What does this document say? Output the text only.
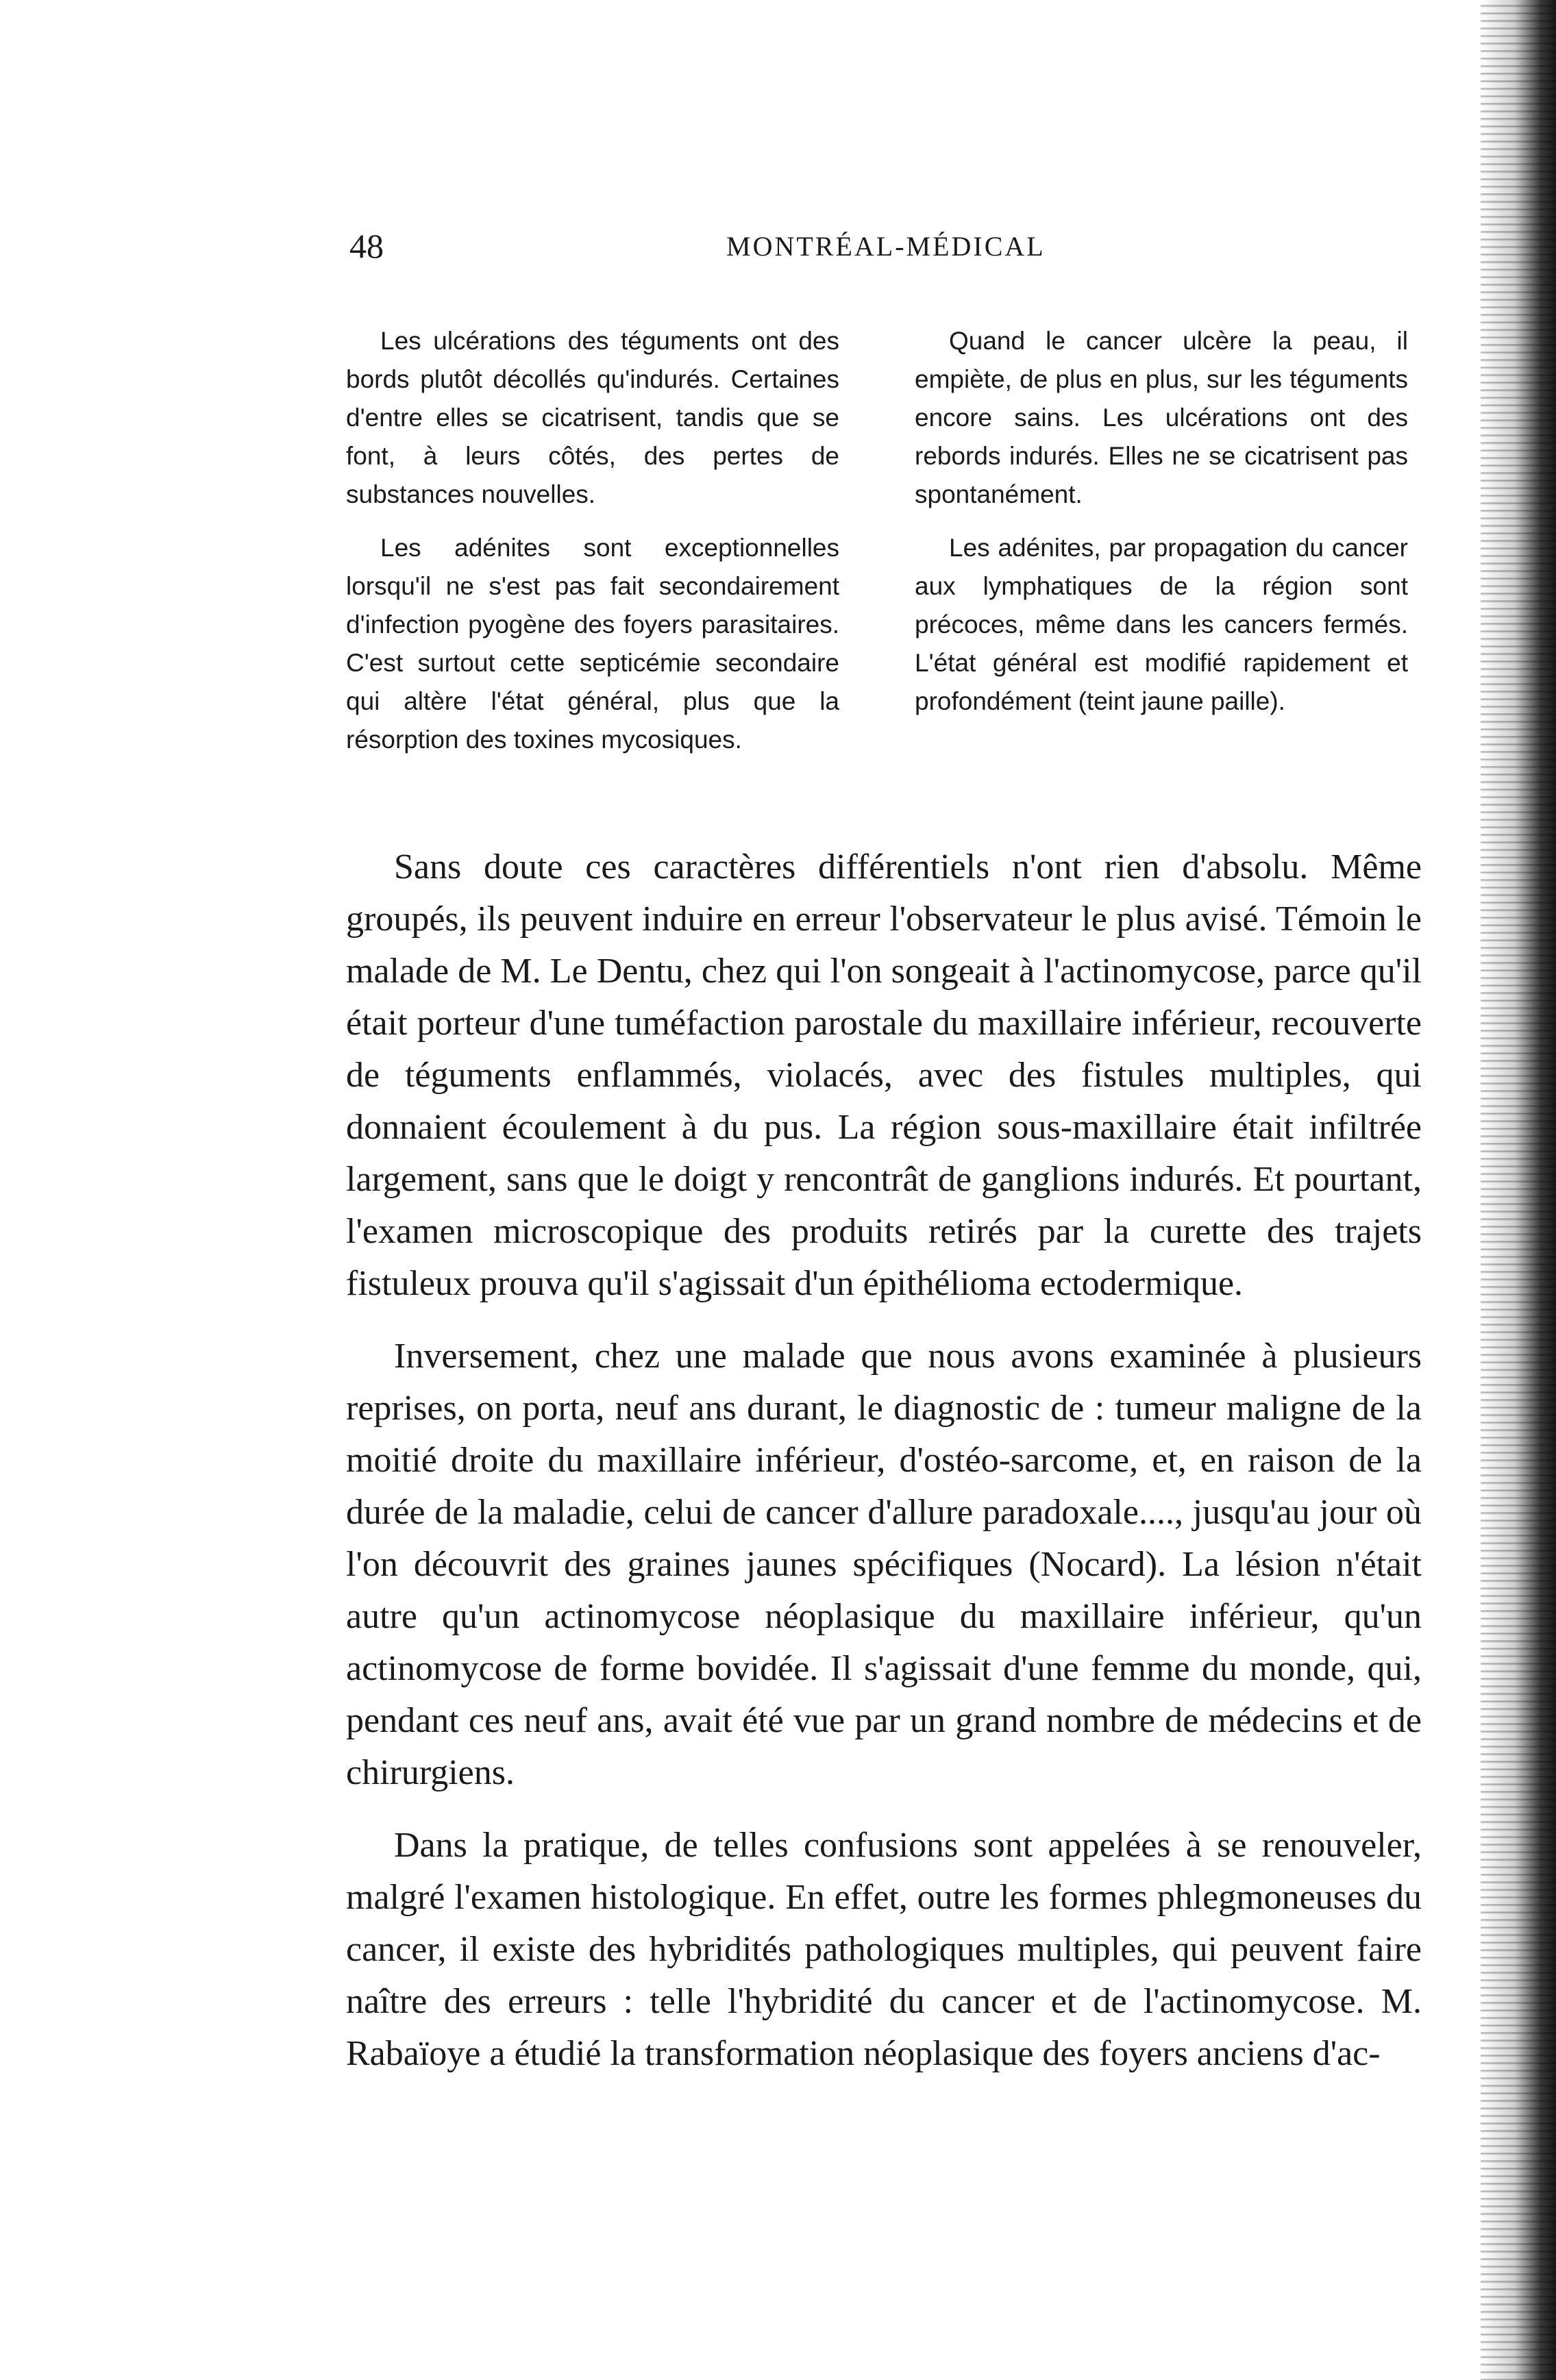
48	MONTRÉAL-MÉDICAL

Les ulcérations des téguments ont des bords plutôt décollés qu'indurés. Certaines d'entre elles se cicatrisent, tandis que se font, à leurs côtés, des pertes de substances nouvelles.

Les adénites sont exceptionnelles lorsqu'il ne s'est pas fait secondairement d'infection pyogène des foyers parasitaires. C'est surtout cette septicémie secondaire qui altère l'état général, plus que la résorption des toxines mycosiques.

Quand le cancer ulcère la peau, il empiète, de plus en plus, sur les téguments encore sains. Les ulcérations ont des rebords indurés. Elles ne se cicatrisent pas spontanément.

Les adénites, par propagation du cancer aux lymphatiques de la région sont précoces, même dans les cancers fermés. L'état général est modifié rapidement et profondément (teint jaune paille).

Sans doute ces caractères différentiels n'ont rien d'absolu. Même groupés, ils peuvent induire en erreur l'observateur le plus avisé. Témoin le malade de M. Le Dentu, chez qui l'on songeait à l'actinomycose, parce qu'il était porteur d'une tuméfaction parostale du maxillaire inférieur, recouverte de téguments enflammés, violacés, avec des fistules multiples, qui donnaient écoulement à du pus. La région sous-maxillaire était infiltrée largement, sans que le doigt y rencontrât de ganglions indurés. Et pourtant, l'examen microscopique des produits retirés par la curette des trajets fistuleux prouva qu'il s'agissait d'un épithélioma ectodermique.

Inversement, chez une malade que nous avons examinée à plusieurs reprises, on porta, neuf ans durant, le diagnostic de : tumeur maligne de la moitié droite du maxillaire inférieur, d'ostéo-sarcome, et, en raison de la durée de la maladie, celui de cancer d'allure paradoxale...., jusqu'au jour où l'on découvrit des graines jaunes spécifiques (Nocard). La lésion n'était autre qu'un actinomycose néoplasique du maxillaire inférieur, qu'un actinomycose de forme bovidée. Il s'agissait d'une femme du monde, qui, pendant ces neuf ans, avait été vue par un grand nombre de médecins et de chirurgiens.

Dans la pratique, de telles confusions sont appelées à se renouveler, malgré l'examen histologique. En effet, outre les formes phlegmoneuses du cancer, il existe des hybridités pathologiques multiples, qui peuvent faire naître des erreurs : telle l'hybridité du cancer et de l'actinomycose. M. Rabaïoye a étudié la transformation néoplasique des foyers anciens d'ac-
